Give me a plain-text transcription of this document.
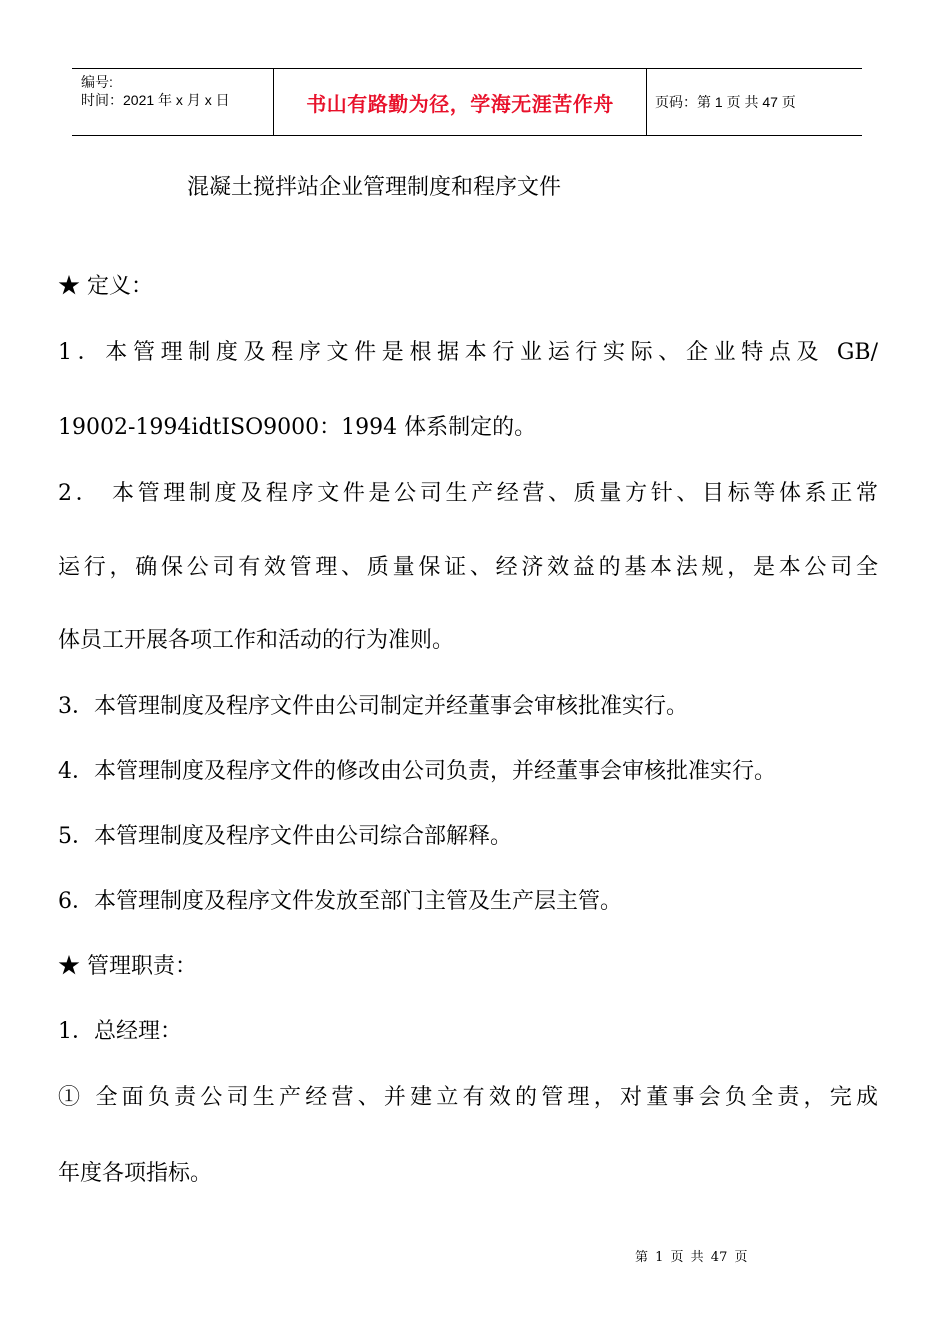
编号:
时间：2021 年 x 月 x 日	书山有路勤为径，学海无涯苦作舟	页码：第 1 页 共 47 页
混凝土搅拌站企业管理制度和程序文件
★ 定义：
1．本管理制度及程序文件是根据本行业运行实际、企业特点及 GB/
19002-1994idtISO9000：1994 体系制定的。
2． 本管理制度及程序文件是公司生产经营、质量方针、目标等体系正常
运行，确保公司有效管理、质量保证、经济效益的基本法规，是本公司全
体员工开展各项工作和活动的行为准则。
3．本管理制度及程序文件由公司制定并经董事会审核批准实行。
4．本管理制度及程序文件的修改由公司负责，并经董事会审核批准实行。
5．本管理制度及程序文件由公司综合部解释。
6．本管理制度及程序文件发放至部门主管及生产层主管。
★ 管理职责：
1．总经理：
① 全面负责公司生产经营、并建立有效的管理，对董事会负全责，完成
年度各项指标。
第 1 页 共 47 页
